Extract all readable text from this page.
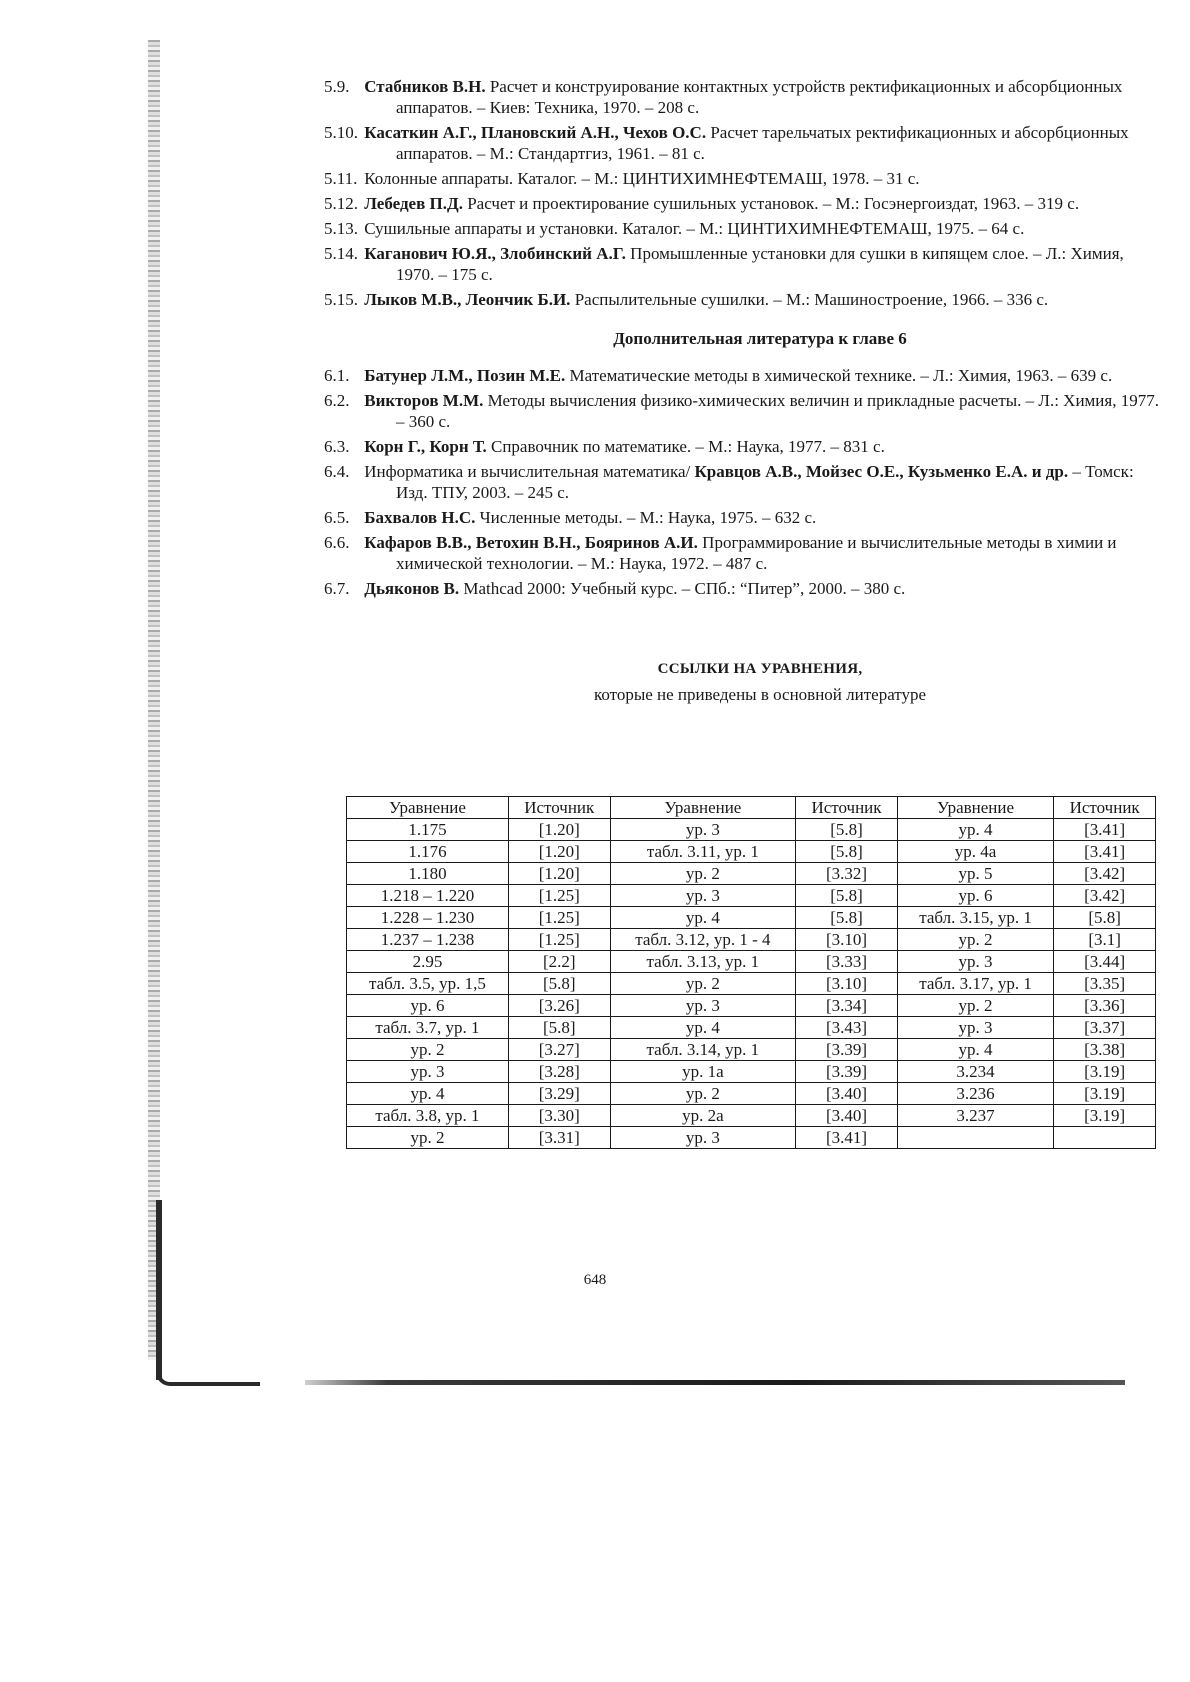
5.9. Стабников В.Н. Расчет и конструирование контактных устройств ректификационных и абсорбционных аппаратов. – Киев: Техника, 1970. – 208 с.
5.10. Касаткин А.Г., Плановский А.Н., Чехов О.С. Расчет тарельчатых ректификационных и абсорбционных аппаратов. – М.: Стандартгиз, 1961. – 81 с.
5.11. Колонные аппараты. Каталог. – М.: ЦИНТИХИМНЕФТЕМАШ, 1978. – 31 с.
5.12. Лебедев П.Д. Расчет и проектирование сушильных установок. – М.: Госэнергоиздат, 1963. – 319 с.
5.13. Сушильные аппараты и установки. Каталог. – М.: ЦИНТИХИМНЕФТЕМАШ, 1975. – 64 с.
5.14. Каганович Ю.Я., Злобинский А.Г. Промышленные установки для сушки в кипящем слое. – Л.: Химия, 1970. – 175 с.
5.15. Лыков М.В., Леончик Б.И. Распылительные сушилки. – М.: Машиностроение, 1966. – 336 с.
Дополнительная литература к главе 6
6.1. Батунер Л.М., Позин М.Е. Математические методы в химической технике. – Л.: Химия, 1963. – 639 с.
6.2. Викторов М.М. Методы вычисления физико-химических величин и прикладные расчеты. – Л.: Химия, 1977. – 360 с.
6.3. Корн Г., Корн Т. Справочник по математике. – М.: Наука, 1977. – 831 с.
6.4. Информатика и вычислительная математика/ Кравцов А.В., Мойзес О.Е., Кузьменко Е.А. и др. – Томск: Изд. ТПУ, 2003. – 245 с.
6.5. Бахвалов Н.С. Численные методы. – М.: Наука, 1975. – 632 с.
6.6. Кафаров В.В., Ветохин В.Н., Бояринов А.И. Программирование и вычислительные методы в химии и химической технологии. – М.: Наука, 1972. – 487 с.
6.7. Дьяконов В. Mathcad 2000: Учебный курс. – СПб.: “Питер”, 2000. – 380 с.
ССЫЛКИ НА УРАВНЕНИЯ,
которые не приведены в основной литературе
Уравнение	Источник	Уравнение	Источник	Уравнение	Источник
1.175	[1.20]	ур. 3	[5.8]	ур. 4	[3.41]
1.176	[1.20]	табл. 3.11, ур. 1	[5.8]	ур. 4а	[3.41]
1.180	[1.20]	ур. 2	[3.32]	ур. 5	[3.42]
1.218 – 1.220	[1.25]	ур. 3	[5.8]	ур. 6	[3.42]
1.228 – 1.230	[1.25]	ур. 4	[5.8]	табл. 3.15, ур. 1	[5.8]
1.237 – 1.238	[1.25]	табл. 3.12, ур. 1 - 4	[3.10]	ур. 2	[3.1]
2.95	[2.2]	табл. 3.13, ур. 1	[3.33]	ур. 3	[3.44]
табл. 3.5, ур. 1,5	[5.8]	ур. 2	[3.10]	табл. 3.17, ур. 1	[3.35]
ур. 6	[3.26]	ур. 3	[3.34]	ур. 2	[3.36]
табл. 3.7, ур. 1	[5.8]	ур. 4	[3.43]	ур. 3	[3.37]
ур. 2	[3.27]	табл. 3.14, ур. 1	[3.39]	ур. 4	[3.38]
ур. 3	[3.28]	ур. 1а	[3.39]	3.234	[3.19]
ур. 4	[3.29]	ур. 2	[3.40]	3.236	[3.19]
табл. 3.8, ур. 1	[3.30]	ур. 2а	[3.40]	3.237	[3.19]
ур. 2	[3.31]	ур. 3	[3.41]		
648
